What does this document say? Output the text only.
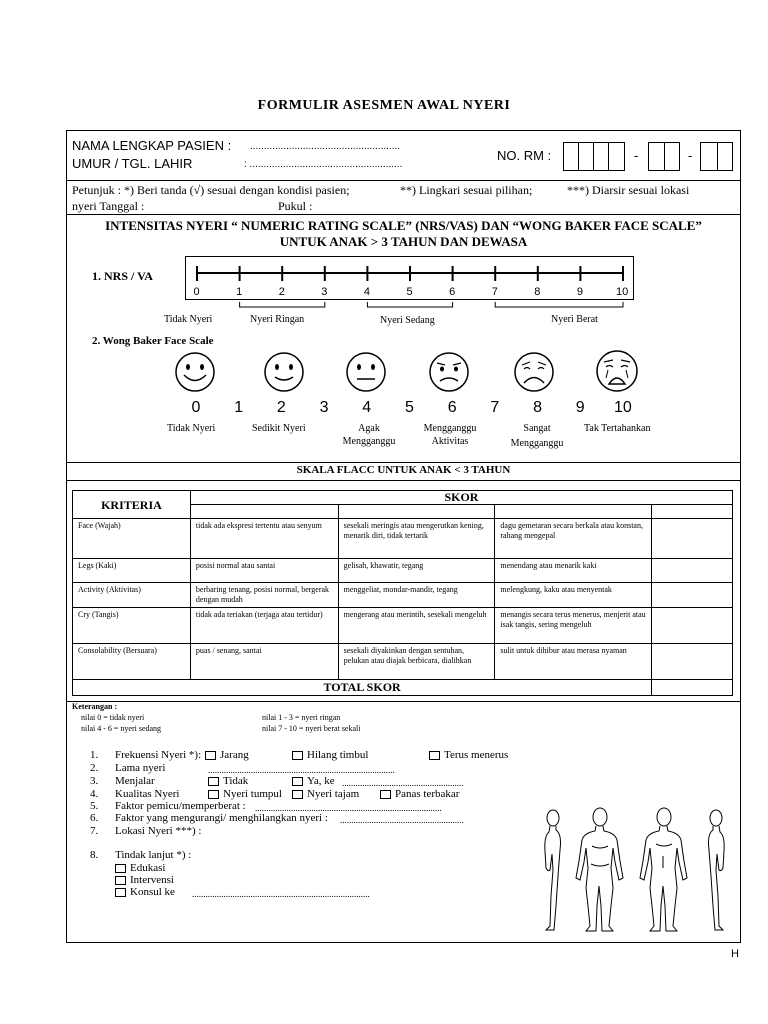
FORMULIR ASESMEN AWAL NYERI
NAMA LENGKAP PASIEN : ......................................................
UMUR / TGL. LAHIR	: .......................................................
NO. RM :	-	-
Petunjuk : *) Beri tanda (√) sesuai dengan kondisi pasien;	**) Lingkari sesuai pilihan;	***) Diarsir sesuai lokasi
nyeri Tanggal :	Pukul :
INTENSITAS NYERI “ NUMERIC RATING SCALE” (NRS/VAS) DAN “WONG BAKER FACE SCALE”
UNTUK ANAK > 3 TAHUN DAN DEWASA
1. NRS / VA
0	1	2	3	4	5	6	7	8	9	10
Tidak Nyeri	Nyeri Ringan	Nyeri Sedang	Nyeri Berat
2. Wong Baker Face Scale
0 1 2 3 4 5 6 7 8 9 10
Tidak Nyeri	Sedikit Nyeri	Agak
Mengganggu
Mengganggu
Aktivitas
Sangat
Mengganggu
Tak Tertahankan
SKALA FLACC UNTUK ANAK < 3 TAHUN
KRITERIA	SKOR			

Face (Wajah)	tidak ada ekspresi tertentu atau senyum	sesekali meringis atau mengerutkan kening, menarik diri, tidak tertarik	dagu gemetaran secara berkala atau konstan, rahang mengepal	
Legs (Kaki)	posisi normal atau santai	gelisah, khawatir, tegang	menendang atau menarik kaki	
Activity (Aktivitas)	berbaring tenang, posisi normal, bergerak dengan mudah	menggeliat, mondar-mandir, tegang	melengkung, kaku atau menyentak	
Cry (Tangis)	tidak ada teriakan (terjaga atau tertidur)	mengerang atau merintih, sesekali mengeluh	menangis secara terus menerus, menjerit atau isak tangis, sering mengeluh	
Consolability (Bersuara)	puas / senang, santai	sesekali diyakinkan dengan sentuhan, pelukan atau diajak berbicara, dialihkan	sulit untuk dihibur atau merasa nyaman	
TOTAL SKOR				
Keterangan :
nilai 0 = tidak nyeri
nilai 4 - 6 = nyeri sedang
nilai 1 - 3 = nyeri ringan
nilai 7 - 10 = nyeri berat sekali
1. Frekuensi Nyeri *):	Jarang	Hilang timbul	Terus menerus
2. Lama nyeri	...................................................................................
3. Menjalar	Tidak	Ya, ke ......................................................
4. Kualitas Nyeri	Nyeri tumpul	Nyeri tajam	Panas terbakar
5. Faktor pemicu/memperberat : ...................................................................................
6. Faktor yang mengurangi/ menghilangkan nyeri : .......................................................
7. Lokasi Nyeri ***) :
8. Tindak lanjut *) :
Edukasi
Intervensi
Konsul ke ...............................................................................
H
